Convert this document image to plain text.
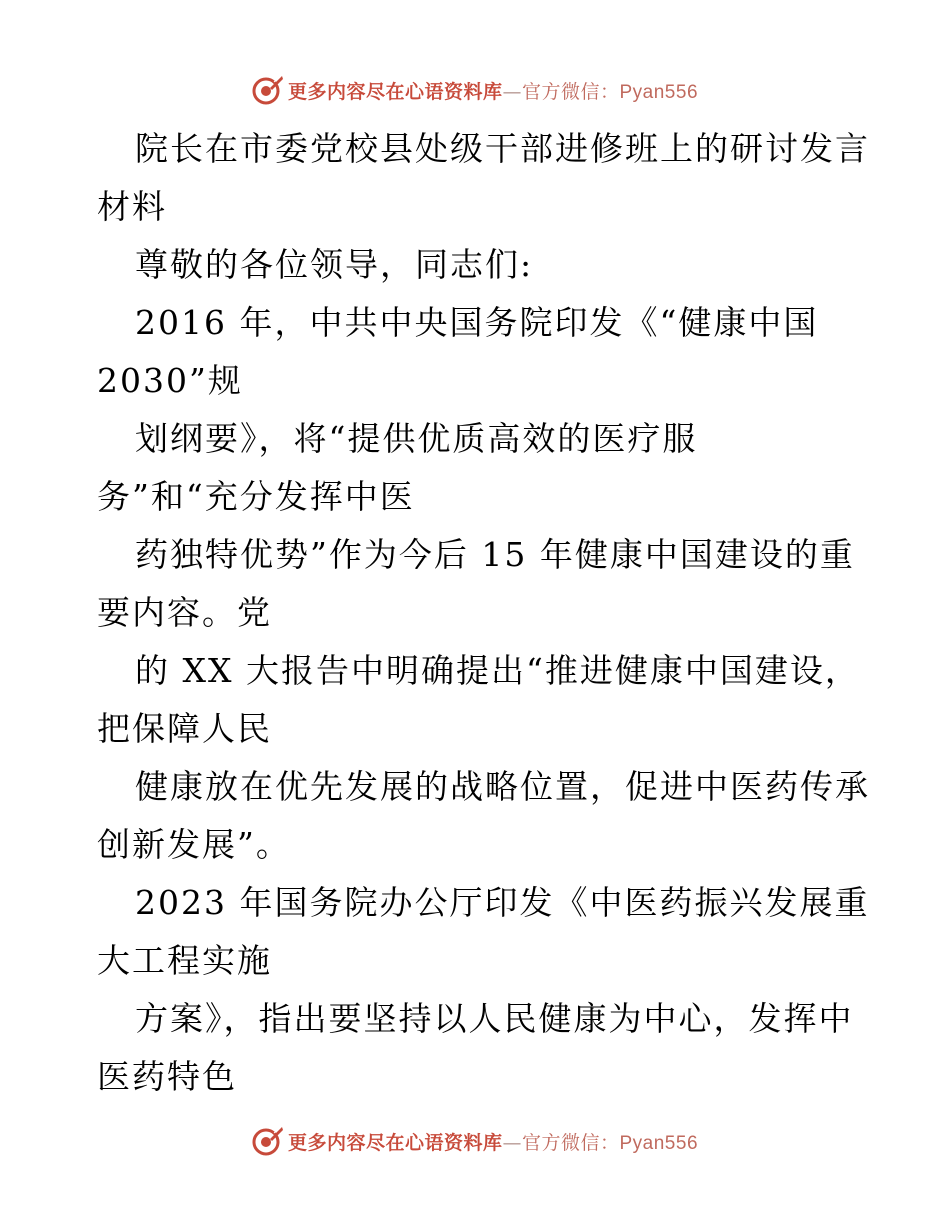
更多内容尽在心语资料库—官方微信：Pyan556
院长在市委党校县处级干部进修班上的研讨发言
材料
尊敬的各位领导，同志们:
2016 年，中共中央国务院印发《“健康中国
2030”规
划纲要》，将“提供优质高效的医疗服
务”和“充分发挥中医
药独特优势”作为今后 15 年健康中国建设的重
要内容。党
的 XX 大报告中明确提出“推进健康中国建设，
把保障人民
健康放在优先发展的战略位置，促进中医药传承
创新发展”。
2023 年国务院办公厅印发《中医药振兴发展重
大工程实施
方案》，指出要坚持以人民健康为中心，发挥中
医药特色
更多内容尽在心语资料库—官方微信：Pyan556
